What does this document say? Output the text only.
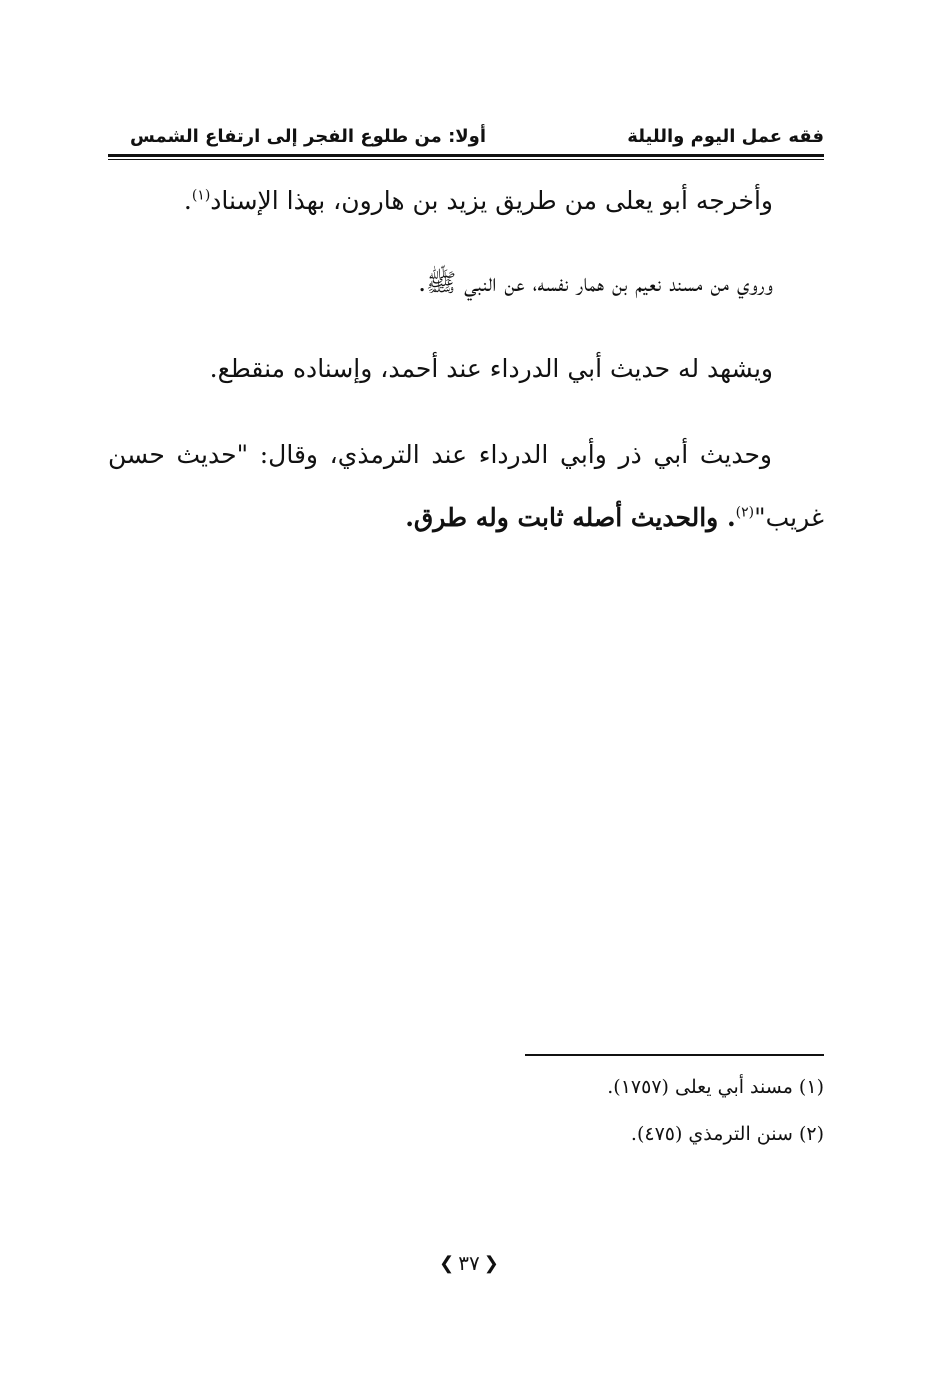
فقه عمل اليوم والليلة
أولا: من طلوع الفجر إلى ارتفاع الشمس
وأخرجه أبو يعلى من طريق يزيد بن هارون، بهذا الإسناد$^{(١)}$.
وروي من مسند نعيم بن همار نفسه، عن النبي ﷺ.
ويشهد له حديث أبي الدرداء عند أحمد، وإسناده منقطع.
وحديث أبي ذر وأبي الدرداء عند الترمذي، وقال: "حديث حسن
غريب"$^{(٢)}$. والحديث أصله ثابت وله طرق.
(١) مسند أبي يعلى (١٧٥٧).
(٢) سنن الترمذي (٤٧٥).
❮
٣٧
❯
